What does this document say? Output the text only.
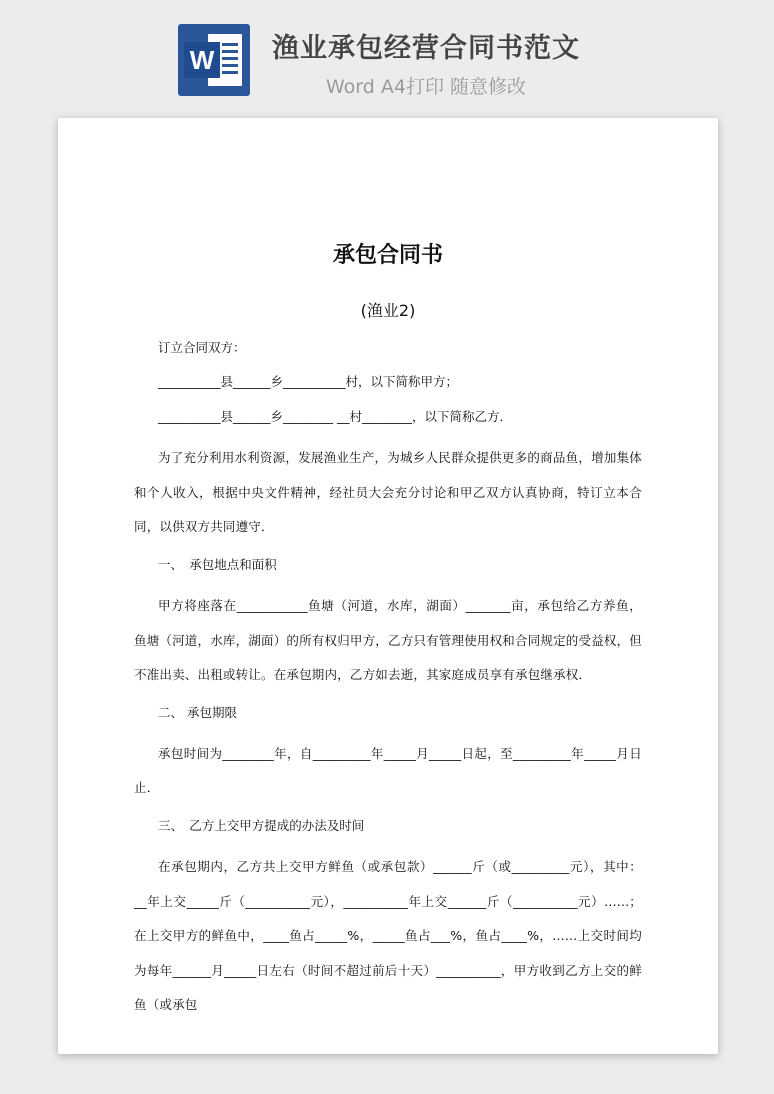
W 渔业承包经营合同书范文
Word A4打印 随意修改
承包合同书
(渔业2)

订立合同双方：

__________县______乡__________村，以下简称甲方；

__________县______乡________ __村________，以下简称乙方．

为了充分利用水利资源，发展渔业生产，为城乡人民群众提供更多的商品鱼，增加集体和个人收入，根据中央文件精神，经社员大会充分讨论和甲乙双方认真协商，特订立本合同，以供双方共同遵守．

一、　承包地点和面积

甲方将座落在___________鱼塘（河道，水库，湖面）_______亩，承包给乙方养鱼，鱼塘（河道，水库，湖面）的所有权归甲方，乙方只有管理使用权和合同规定的受益权，但不准出卖、出租或转让。在承包期内，乙方如去逝，其家庭成员享有承包继承权．

二、 承包期限

承包时间为________年，自_________年_____月_____日起，至_________年_____月日止．

三、　乙方上交甲方提成的办法及时间

在承包期内，乙方共上交甲方鲜鱼（或承包款）______斤（或_________元），其中：__年上交_____斤（__________元），__________年上交______斤（__________元）......；在上交甲方的鲜鱼中，____鱼占_____%，_____鱼占___%，鱼占____%，......上交时间均为每年______月_____日左右（时间不超过前后十天）__________，甲方收到乙方上交的鲜鱼（或承包
